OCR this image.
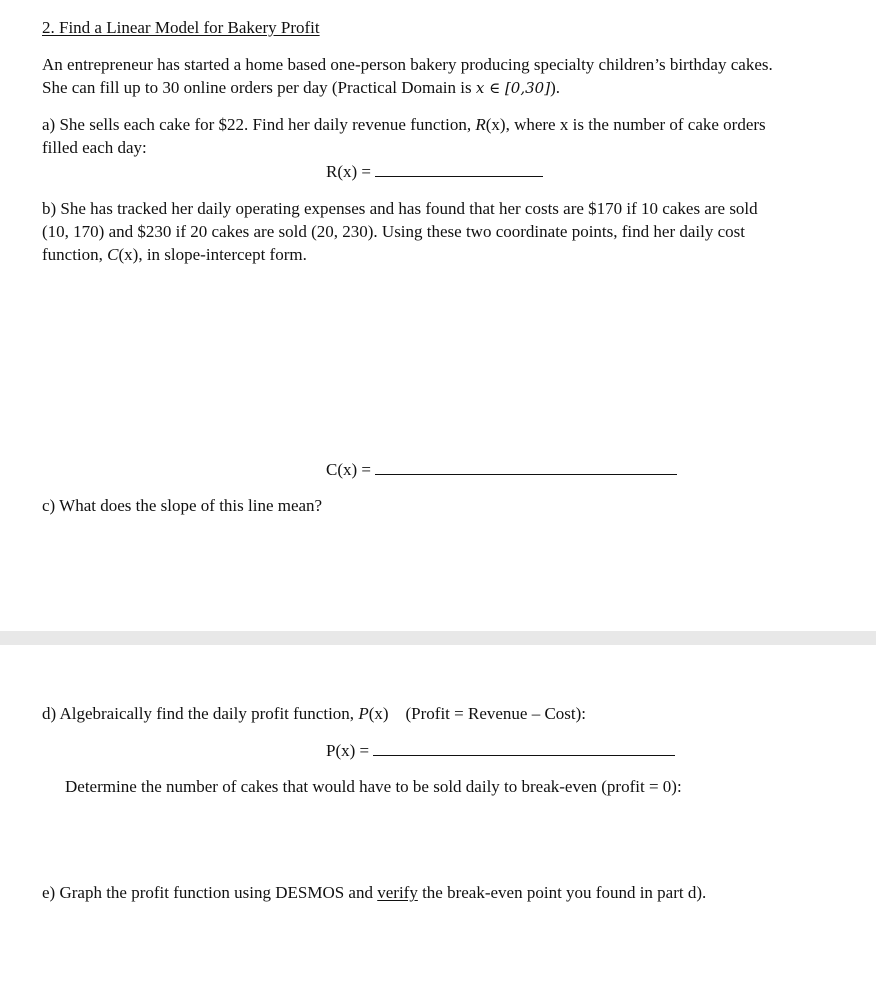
2. Find a Linear Model for Bakery Profit
An entrepreneur has started a home based one-person bakery producing specialty children’s birthday cakes.
She can fill up to 30 online orders per day (Practical Domain is x ∈ [0,30]).
a) She sells each cake for $22. Find her daily revenue function, R(x), where x is the number of cake orders
filled each day:
R(x) =
b) She has tracked her daily operating expenses and has found that her costs are $170 if 10 cakes are sold
(10, 170) and $230 if 20 cakes are sold (20, 230). Using these two coordinate points, find her daily cost
function, C(x), in slope-intercept form.
C(x) =
c) What does the slope of this line mean?
d) Algebraically find the daily profit function, P(x)    (Profit = Revenue – Cost):
P(x) =
Determine the number of cakes that would have to be sold daily to break-even (profit = 0):
e) Graph the profit function using DESMOS and verify the break-even point you found in part d).
